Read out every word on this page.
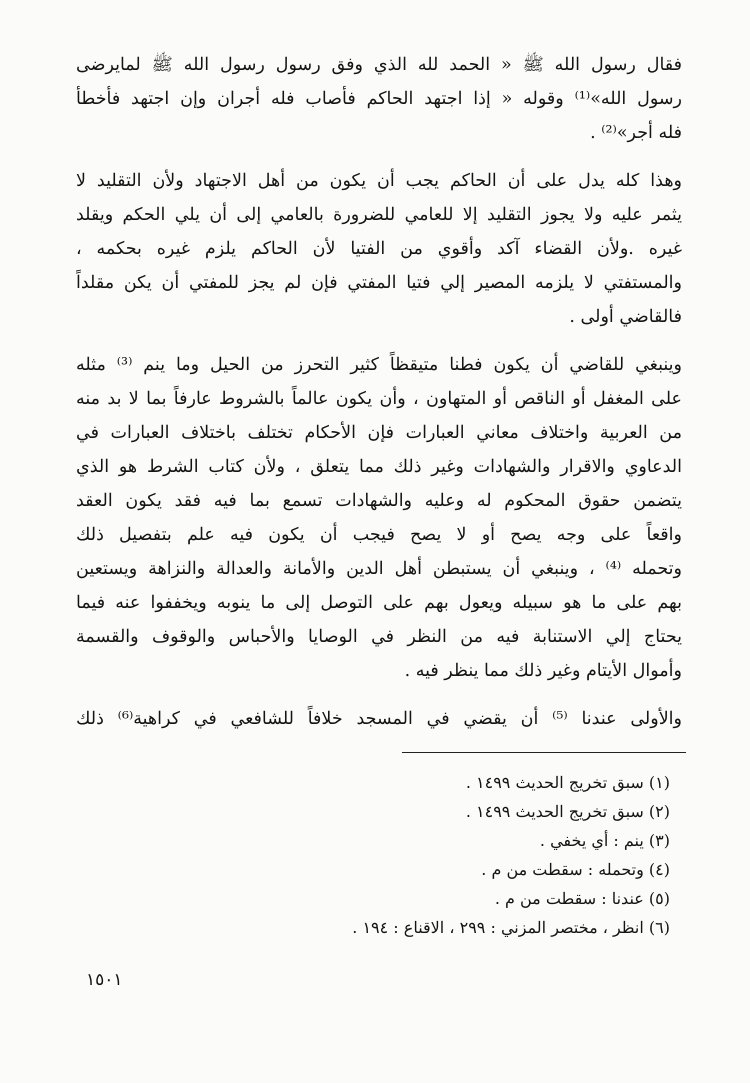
فقال رسول الله ﷺ « الحمد لله الذي وفق رسول رسول الله ﷺ لمايرضى
رسول الله»⁽¹⁾ وقوله « إذا اجتهد الحاكم فأصاب فله أجران وإن اجتهد فأخطأ
فله أجر»⁽²⁾ .
وهذا كله يدل على أن الحاكم يجب أن يكون من أهل الاجتهاد ولأن التقليد لا
يثمر عليه ولا يجوز التقليد إلا للعامي للضرورة بالعامي إلى أن يلي الحكم ويقلد
غيره .ولأن القضاء آكد وأقوي من الفتيا لأن الحاكم يلزم غيره بحكمه ،
والمستفتي لا يلزمه المصير إلي فتيا المفتي فإن لم يجز للمفتي أن يكن مقلداً
فالقاضي أولى .
وينبغي للقاضي أن يكون فطنا متيقظاً كثير التحرز من الحيل وما ينم ⁽³⁾ مثله
على المغفل أو الناقص أو المتهاون ، وأن يكون عالماً بالشروط عارفاً بما لا بد منه
من العربية واختلاف معاني العبارات فإن الأحكام تختلف باختلاف العبارات في
الدعاوي والاقرار والشهادات وغير ذلك مما يتعلق ، ولأن كتاب الشرط هو الذي
يتضمن حقوق المحكوم له وعليه والشهادات تسمع بما فيه فقد يكون العقد
واقعاً على وجه يصح أو لا يصح فيجب أن يكون فيه علم بتفصيل ذلك
وتحمله ⁽⁴⁾ ، وينبغي أن يستبطن أهل الدين والأمانة والعدالة والنزاهة ويستعين
بهم على ما هو سبيله ويعول بهم على التوصل إلى ما ينوبه ويخففوا عنه فيما
يحتاج إلي الاستنابة فيه من النظر في الوصايا والأحباس والوقوف والقسمة
وأموال الأيتام وغير ذلك مما ينظر فيه .
والأولى عندنا ⁽⁵⁾ أن يقضي في المسجد خلافاً للشافعي في كراهية⁽⁶⁾ ذلك
(١) سبق تخريج الحديث ١٤٩٩ .
(٢) سبق تخريج الحديث ١٤٩٩ .
(٣) ينم : أي يخفي .
(٤) وتحمله : سقطت من م .
(٥) عندنا : سقطت من م .
(٦) انظر ، مختصر المزني : ٢٩٩ ، الاقناع : ١٩٤ .
١٥٠١
